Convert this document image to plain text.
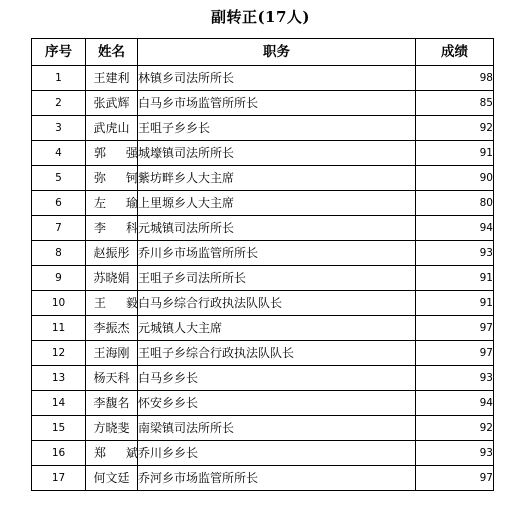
副转正(17人)
序号	姓名	职务	成绩
1	王建利	林镇乡司法所所长	98
2	张武辉	白马乡市场监管所所长	85
3	武虎山	王咀子乡乡长	92
4	郭 强	城壕镇司法所所长	91
5	弥 钶	紫坊畔乡人大主席	90
6	左 瑜	上里塬乡人大主席	80
7	李 科	元城镇司法所所长	94
8	赵振彤	乔川乡市场监管所所长	93
9	苏晓娟	王咀子乡司法所所长	91
10	王 毅	白马乡综合行政执法队队长	91
11	李振杰	元城镇人大主席	97
12	王海刚	王咀子乡综合行政执法队队长	97
13	杨天科	白马乡乡长	93
14	李馥名	怀安乡乡长	94
15	方晓斐	南梁镇司法所所长	92
16	郑 斌	乔川乡乡长	93
17	何文廷	乔河乡市场监管所所长	97
